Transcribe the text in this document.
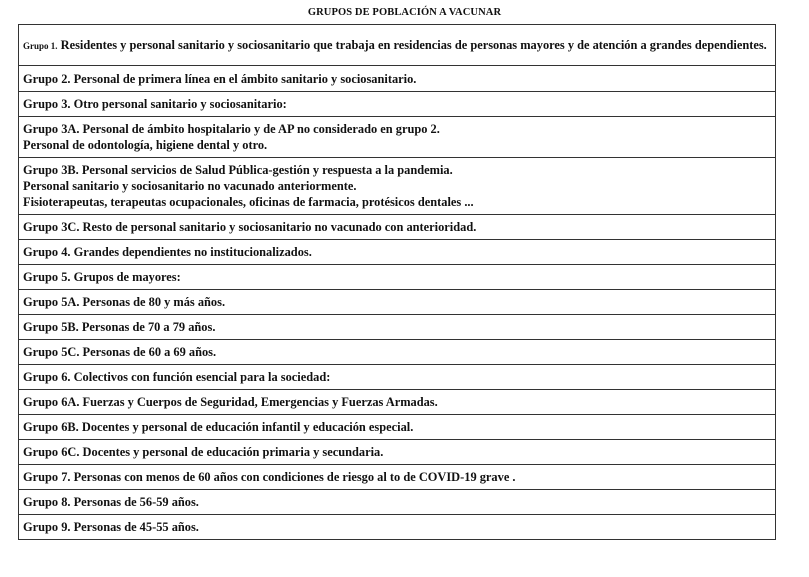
GRUPOS DE POBLACIÓN A VACUNAR
Grupo 1. Residentes y personal sanitario y sociosanitario que trabaja en residencias de personas mayores y de atención a grandes dependientes.
Grupo 2. Personal de primera línea en el ámbito sanitario y sociosanitario.
Grupo 3. Otro personal sanitario y sociosanitario:

Grupo 3A. Personal de ámbito hospitalario y de AP no considerado en grupo 2.
Personal de odontología, higiene dental y otro.

Grupo 3B. Personal servicios de Salud Pública-gestión y respuesta a la pandemia.
Personal sanitario y sociosanitario no vacunado anteriormente.
Fisioterapeutas, terapeutas ocupacionales, oficinas de farmacia, protésicos dentales ...

Grupo 3C. Resto de personal sanitario y sociosanitario no vacunado con anterioridad.
Grupo 4. Grandes dependientes no institucionalizados.
Grupo 5. Grupos de mayores:
Grupo 5A. Personas de 80 y más años.
Grupo 5B. Personas de 70 a 79 años.
Grupo 5C. Personas de 60 a 69 años.
Grupo 6. Colectivos con función esencial para la sociedad:
Grupo 6A. Fuerzas y Cuerpos de Seguridad, Emergencias y Fuerzas Armadas.
Grupo 6B. Docentes y personal de educación infantil y educación especial.
Grupo 6C. Docentes y personal de educación primaria y secundaria.
Grupo 7. Personas con menos de 60 años con condiciones de riesgo al to de COVID-19 grave .
Grupo 8. Personas de 56-59 años.
Grupo 9. Personas de 45-55 años.
